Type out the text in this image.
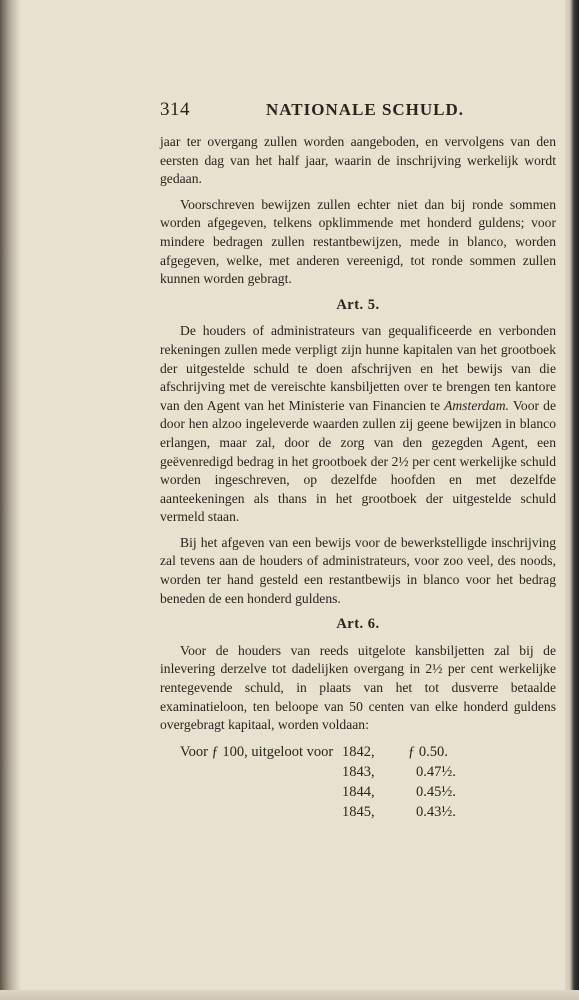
314	NATIONALE SCHULD.

jaar ter overgang zullen worden aangeboden, en vervolgens van den eersten dag van het half jaar, waarin de inschrijving werkelijk wordt gedaan.

Voorschreven bewijzen zullen echter niet dan bij ronde sommen worden afgegeven, telkens opklimmende met honderd guldens; voor mindere bedragen zullen restantbewijzen, mede in blanco, worden afgegeven, welke, met anderen vereenigd, tot ronde sommen zullen kunnen worden gebragt.

Art. 5.

De houders of administrateurs van gequalificeerde en verbonden rekeningen zullen mede verpligt zijn hunne kapitalen van het grootboek der uitgestelde schuld te doen afschrijven en het bewijs van die afschrijving met de vereischte kansbiljetten over te brengen ten kantore van den Agent van het Ministerie van Financien te Amsterdam. Voor de door hen alzoo ingeleverde waarden zullen zij geene bewijzen in blanco erlangen, maar zal, door de zorg van den gezegden Agent, een geëvenredigd bedrag in het grootboek der 2½ per cent werkelijke schuld worden ingeschreven, op dezelfde hoofden en met dezelfde aanteekeningen als thans in het grootboek der uitgestelde schuld vermeld staan.

Bij het afgeven van een bewijs voor de bewerkstelligde inschrijving zal tevens aan de houders of administrateurs, voor zoo veel, des noods, worden ter hand gesteld een restantbewijs in blanco voor het bedrag beneden de een honderd guldens.

Art. 6.

Voor de houders van reeds uitgelote kansbiljetten zal bij de inlevering derzelve tot dadelijken overgang in 2½ per cent werkelijke rentegevende schuld, in plaats van het tot dusverre betaalde examinatieloon, ten beloope van 50 centen van elke honderd guldens overgebragt kapitaal, worden voldaan:

Voor ƒ 100, uitgeloot voor 1842, ƒ 0.50.
1843,	0.47½.
1844,	0.45½.
1845,	0.43½.
